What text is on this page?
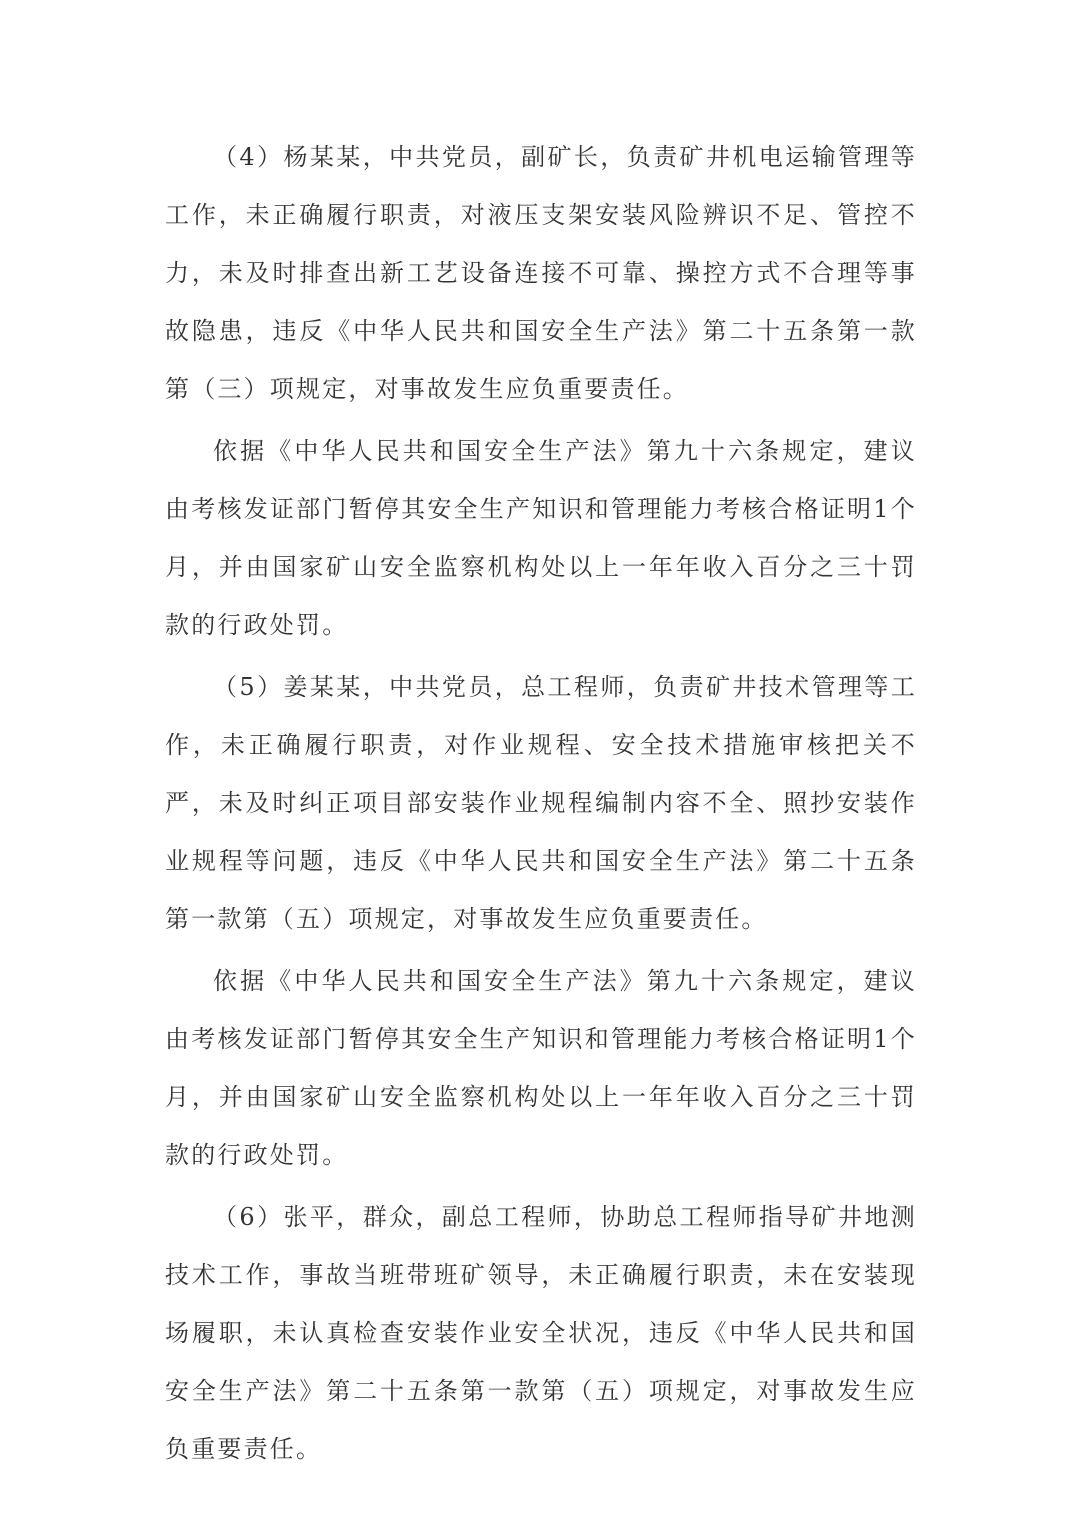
（4）杨某某，中共党员，副矿长，负责矿井机电运输管理等工作，未正确履行职责，对液压支架安装风险辨识不足、管控不力，未及时排查出新工艺设备连接不可靠、操控方式不合理等事故隐患，违反《中华人民共和国安全生产法》第二十五条第一款第（三）项规定，对事故发生应负重要责任。

依据《中华人民共和国安全生产法》第九十六条规定，建议由考核发证部门暂停其安全生产知识和管理能力考核合格证明1个月，并由国家矿山安全监察机构处以上一年年收入百分之三十罚款的行政处罚。

（5）姜某某，中共党员，总工程师，负责矿井技术管理等工作，未正确履行职责，对作业规程、安全技术措施审核把关不严，未及时纠正项目部安装作业规程编制内容不全、照抄安装作业规程等问题，违反《中华人民共和国安全生产法》第二十五条第一款第（五）项规定，对事故发生应负重要责任。

依据《中华人民共和国安全生产法》第九十六条规定，建议由考核发证部门暂停其安全生产知识和管理能力考核合格证明1个月，并由国家矿山安全监察机构处以上一年年收入百分之三十罚款的行政处罚。

（6）张平，群众，副总工程师，协助总工程师指导矿井地测技术工作，事故当班带班矿领导，未正确履行职责，未在安装现场履职，未认真检查安装作业安全状况，违反《中华人民共和国安全生产法》第二十五条第一款第（五）项规定，对事故发生应负重要责任。
